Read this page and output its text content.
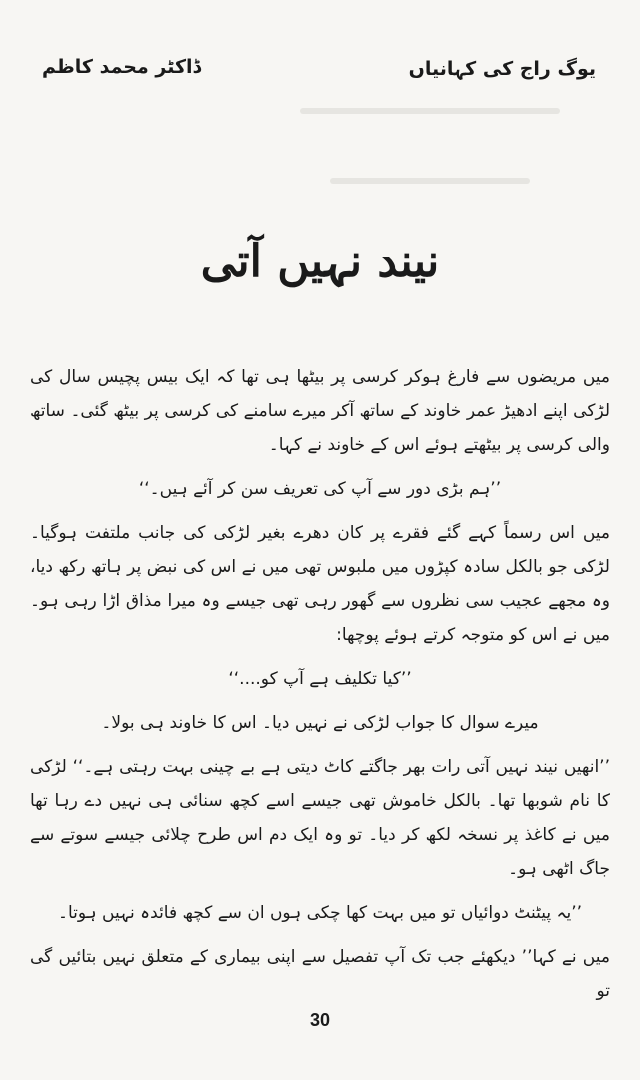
یوگ راج کی کہانیاں
ڈاکٹر محمد کاظم
نیند نہیں آتی

میں مریضوں سے فارغ ہوکر کرسی پر بیٹھا ہی تھا کہ ایک بیس پچیس سال کی لڑکی اپنے ادھیڑ عمر خاوند کے ساتھ آکر میرے سامنے کی کرسی پر بیٹھ گئی۔ ساتھ والی کرسی پر بیٹھتے ہوئے اس کے خاوند نے کہا۔

’’ہم بڑی دور سے آپ کی تعریف سن کر آئے ہیں۔‘‘

میں اس رسماً کہے گئے فقرے پر کان دھرے بغیر لڑکی کی جانب ملتفت ہوگیا۔ لڑکی جو بالکل سادہ کپڑوں میں ملبوس تھی میں نے اس کی نبض پر ہاتھ رکھ دیا، وہ مجھے عجیب سی نظروں سے گھور رہی تھی جیسے وہ میرا مذاق اڑا رہی ہو۔ میں نے اس کو متوجہ کرتے ہوئے پوچھا:

’’کیا تکلیف ہے آپ کو....‘‘

میرے سوال کا جواب لڑکی نے نہیں دیا۔ اس کا خاوند ہی بولا۔

’’انھیں نیند نہیں آتی رات بھر جاگتے کاٹ دیتی ہے بے چینی بہت رہتی ہے۔‘‘ لڑکی کا نام شوبھا تھا۔ بالکل خاموش تھی جیسے اسے کچھ سنائی ہی نہیں دے رہا تھا میں نے کاغذ پر نسخہ لکھ کر دیا۔ تو وہ ایک دم اس طرح چلائی جیسے سوتے سے جاگ اٹھی ہو۔

’’یہ پیٹنٹ دوائیاں تو میں بہت کھا چکی ہوں ان سے کچھ فائدہ نہیں ہوتا۔

میں نے کہا’’ دیکھئے جب تک آپ تفصیل سے اپنی بیماری کے متعلق نہیں بتائیں گی تو

30
